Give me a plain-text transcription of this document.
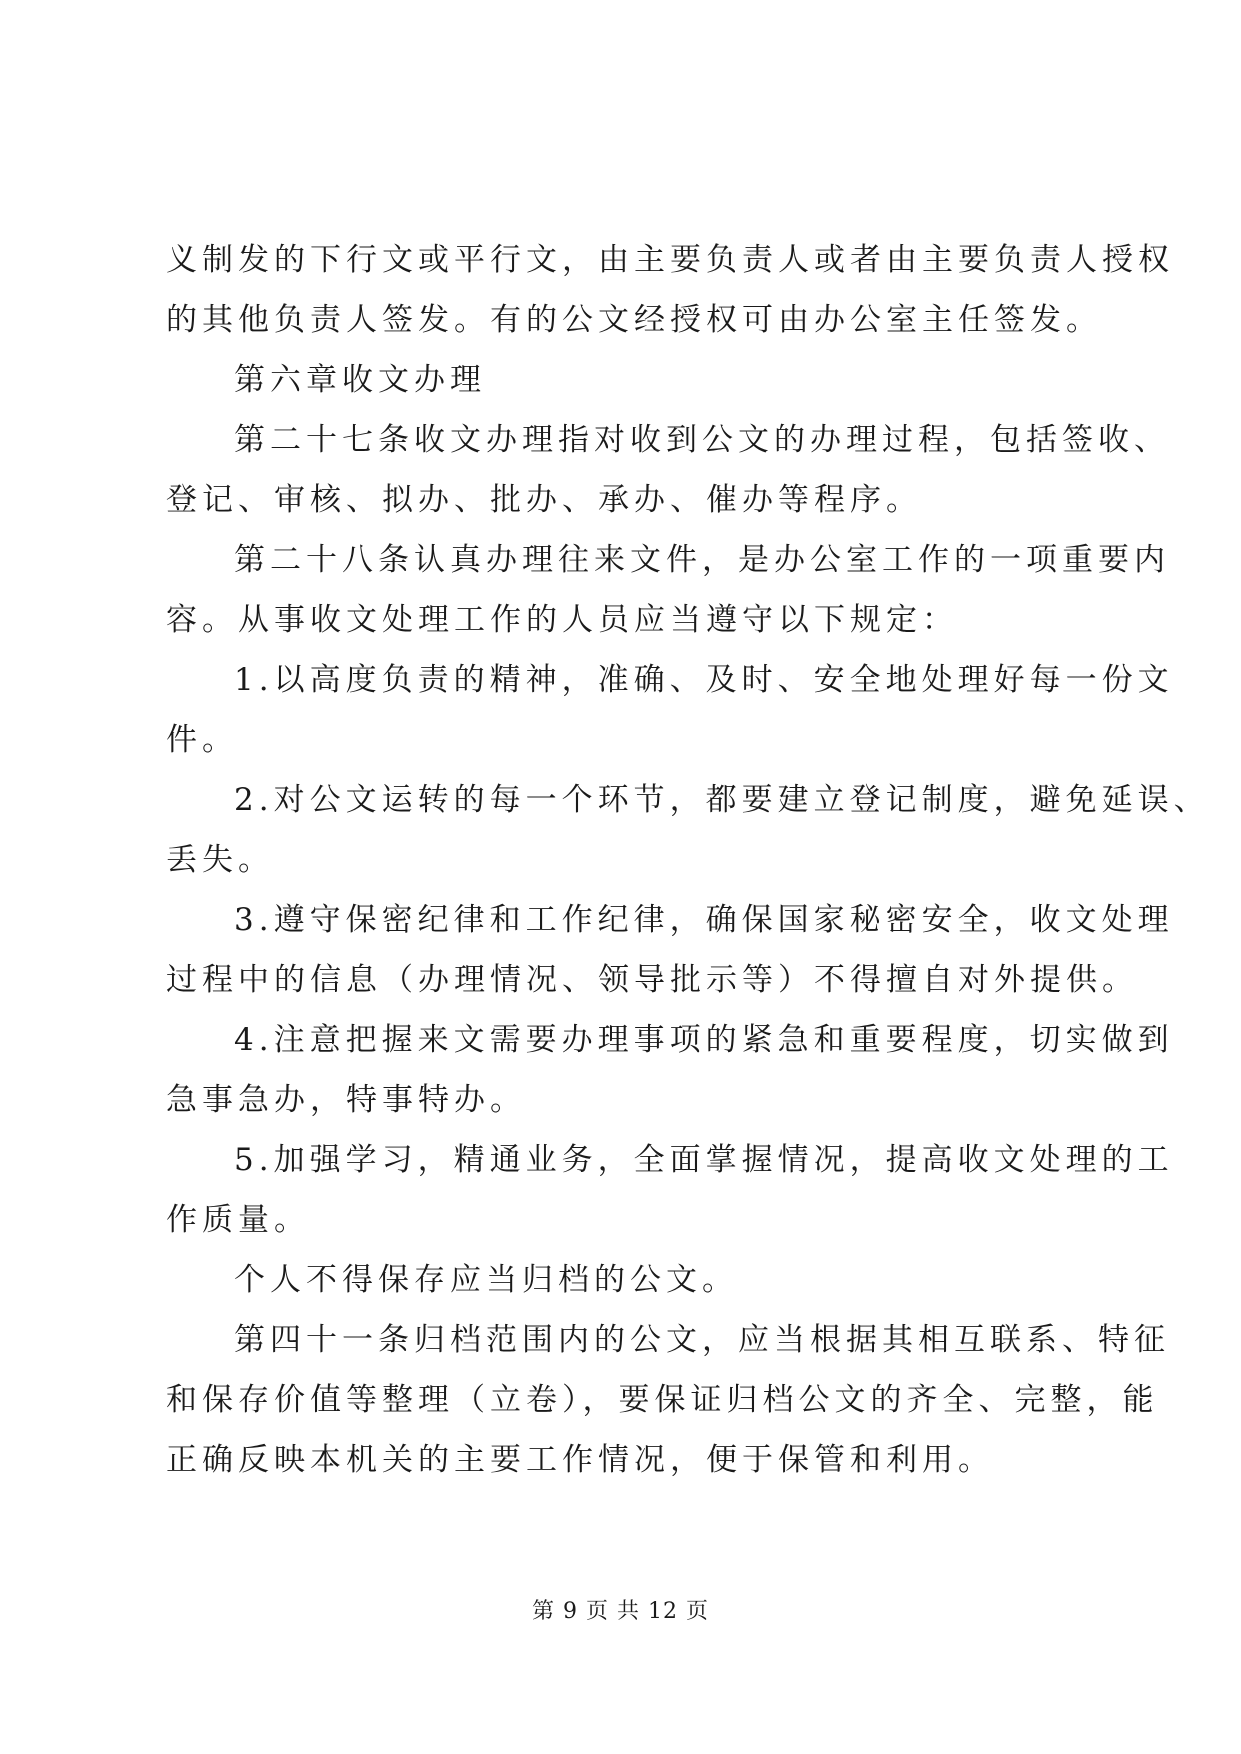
义制发的下行文或平行文，由主要负责人或者由主要负责人授权
的其他负责人签发。有的公文经授权可由办公室主任签发。
第六章收文办理
第二十七条收文办理指对收到公文的办理过程，包括签收、
登记、审核、拟办、批办、承办、催办等程序。
第二十八条认真办理往来文件，是办公室工作的一项重要内
容。从事收文处理工作的人员应当遵守以下规定：
1.以高度负责的精神，准确、及时、安全地处理好每一份文
件。
2.对公文运转的每一个环节，都要建立登记制度，避免延误、
丢失。
3.遵守保密纪律和工作纪律，确保国家秘密安全，收文处理
过程中的信息（办理情况、领导批示等）不得擅自对外提供。
4.注意把握来文需要办理事项的紧急和重要程度，切实做到
急事急办，特事特办。
5.加强学习，精通业务，全面掌握情况，提高收文处理的工
作质量。
个人不得保存应当归档的公文。
第四十一条归档范围内的公文，应当根据其相互联系、特征
和保存价值等整理（立卷），要保证归档公文的齐全、完整，能
正确反映本机关的主要工作情况，便于保管和利用。
第 9 页 共 12 页
